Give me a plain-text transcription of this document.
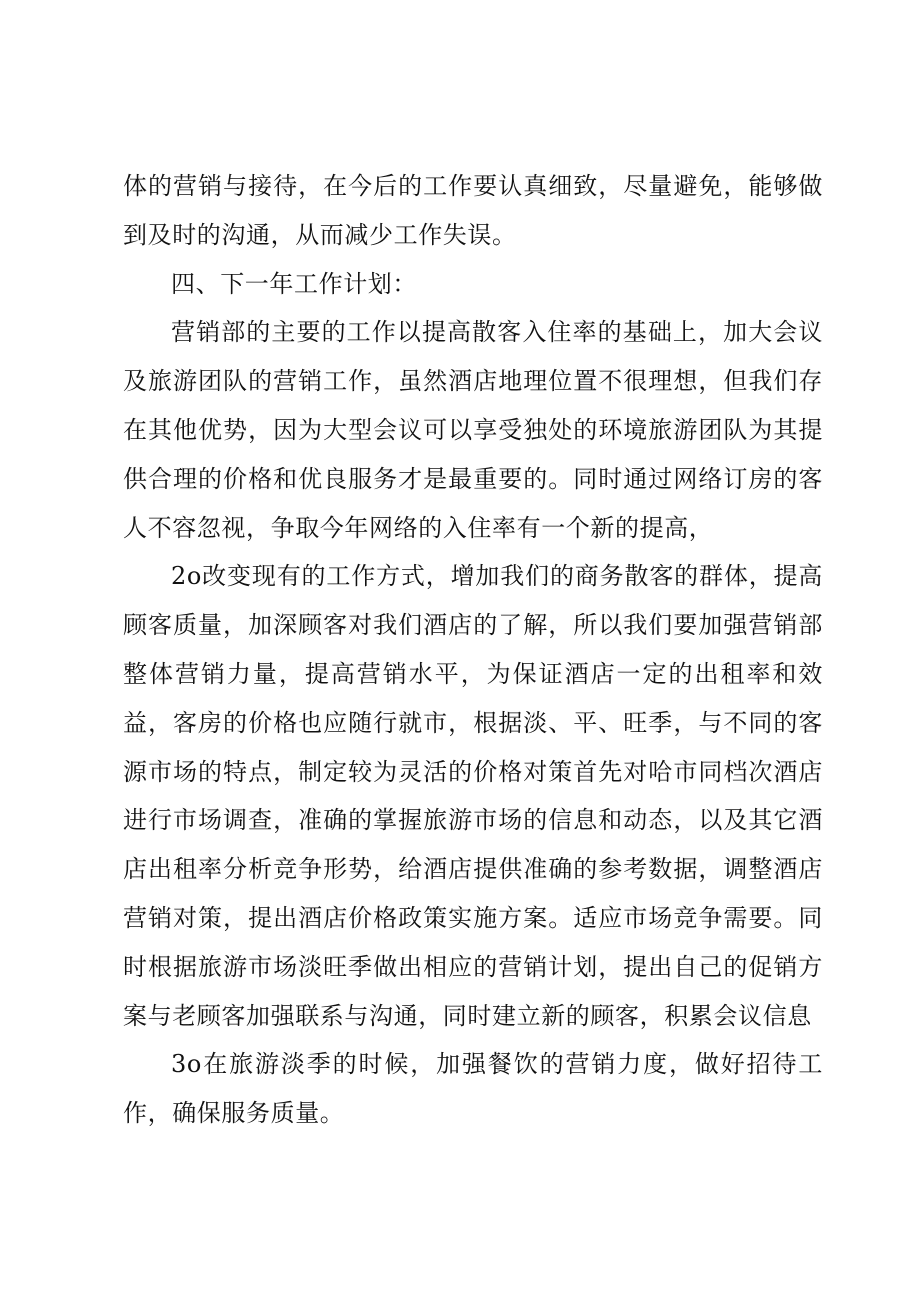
体的营销与接待，在今后的工作要认真细致，尽量避免，能够做到及时的沟通，从而减少工作失误。

四、下一年工作计划：

营销部的主要的工作以提高散客入住率的基础上，加大会议及旅游团队的营销工作，虽然酒店地理位置不很理想，但我们存在其他优势，因为大型会议可以享受独处的环境旅游团队为其提供合理的价格和优良服务才是最重要的。同时通过网络订房的客人不容忽视，争取今年网络的入住率有一个新的提高，

2o改变现有的工作方式，增加我们的商务散客的群体，提高顾客质量，加深顾客对我们酒店的了解，所以我们要加强营销部整体营销力量，提高营销水平，为保证酒店一定的出租率和效益，客房的价格也应随行就市，根据淡、平、旺季，与不同的客源市场的特点，制定较为灵活的价格对策首先对哈市同档次酒店进行市场调查，准确的掌握旅游市场的信息和动态，以及其它酒店出租率分析竞争形势，给酒店提供准确的参考数据，调整酒店营销对策，提出酒店价格政策实施方案。适应市场竞争需要。同时根据旅游市场淡旺季做出相应的营销计划，提出自己的促销方案与老顾客加强联系与沟通，同时建立新的顾客，积累会议信息

3o在旅游淡季的时候，加强餐饮的营销力度，做好招待工作，确保服务质量。
